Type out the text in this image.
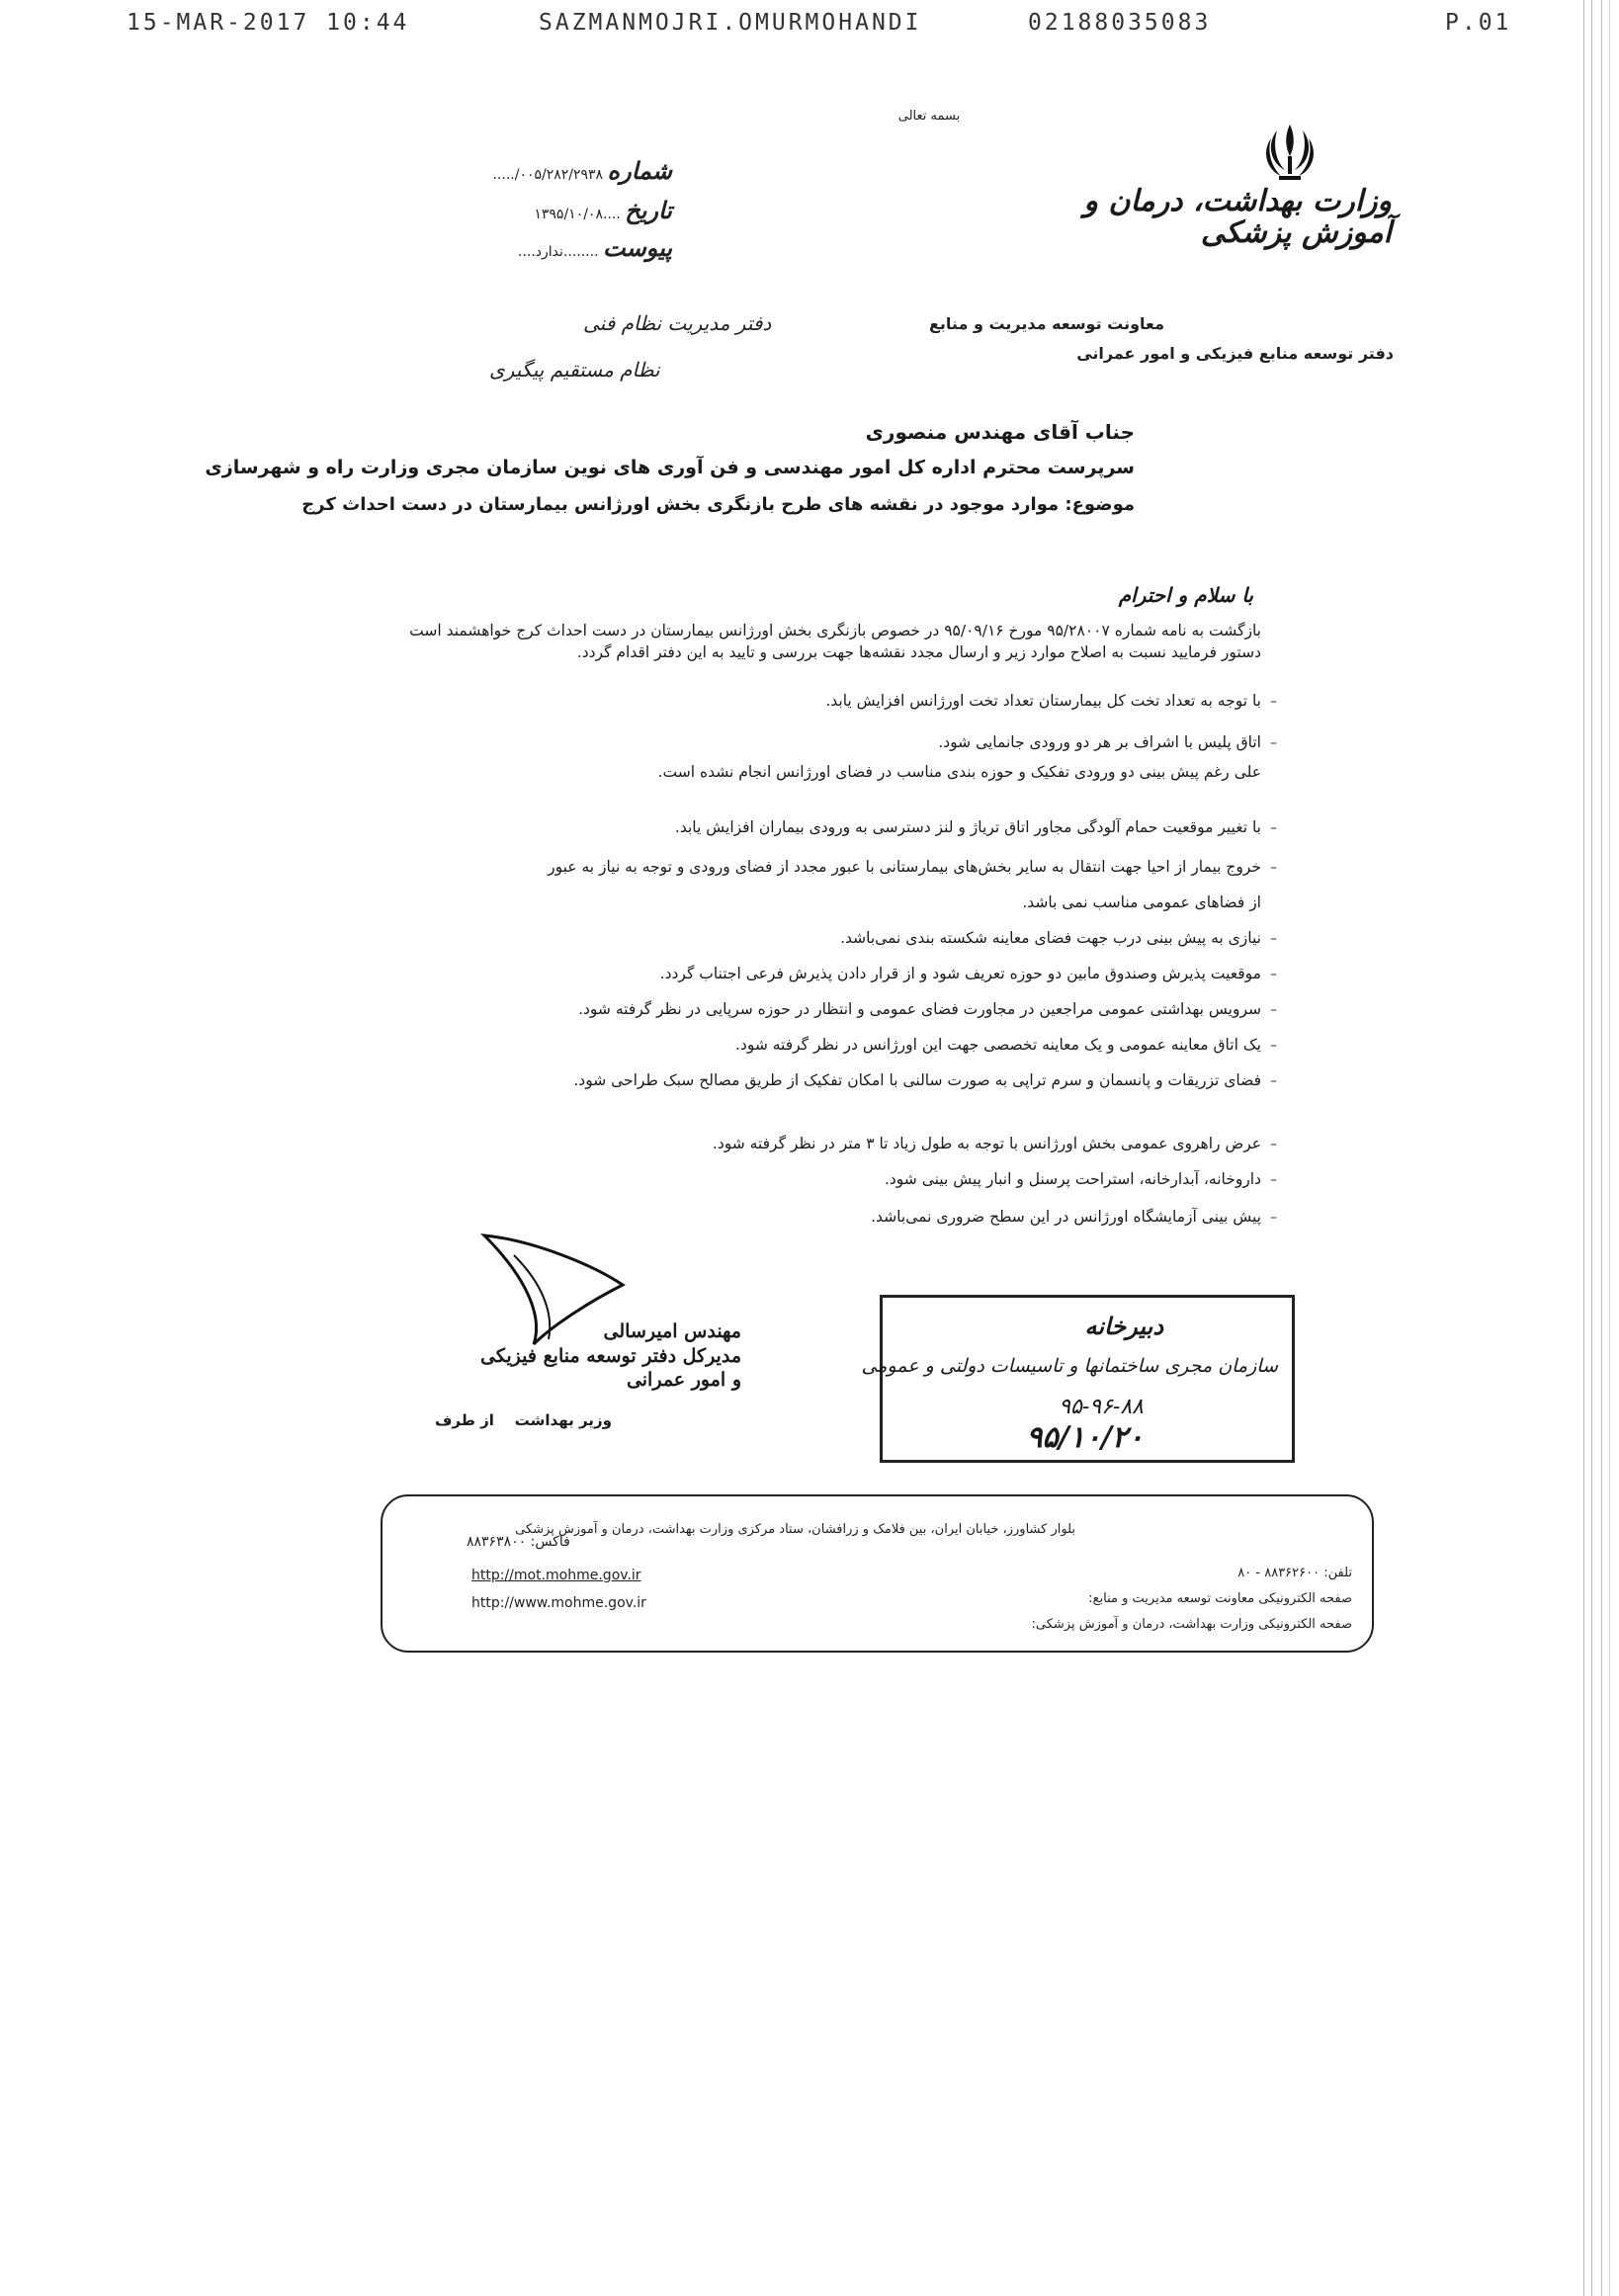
15-MAR-2017 10:44	SAZMANMOJRI.OMURMOHANDI	02188035083	P.01
بسمه تعالی
وزارت بهداشت، درمان و آموزش پزشکی
معاونت توسعه مدیریت و منابع
دفتر توسعه منابع فیزیکی و امور عمرانی
شماره ۰۰۵/۲۸۲/۲۹۳۸/.....
تاریخ ....۱۳۹۵/۱۰/۰۸
پیوست ........ندارد....
دفتر مدیریت نظام فنی
نظام مستقیم پیگیری
جناب آقای مهندس منصوری
سرپرست محترم اداره کل امور مهندسی و فن آوری های نوین سازمان مجری وزارت راه و شهرسازی
موضوع: موارد موجود در نقشه های طرح بازنگری بخش اورژانس بیمارستان در دست احداث کرج
با سلام و احترام
بازگشت به نامه شماره ۹۵/۲۸۰۰۷ مورخ ۹۵/۰۹/۱۶ در خصوص بازنگری بخش اورژانس بیمارستان در دست احداث کرج خواهشمند است دستور فرمایید نسبت به اصلاح موارد زیر و ارسال مجدد نقشه‌ها جهت بررسی و تایید به این دفتر اقدام گردد.
با توجه به تعداد تخت کل بیمارستان تعداد تخت اورژانس افزایش یابد.
اتاق پلیس با اشراف بر هر دو ورودی جانمایی شود.
علی رغم پیش بینی دو ورودی تفکیک و حوزه بندی مناسب در فضای اورژانس انجام نشده است.
با تغییر موقعیت حمام آلودگی مجاور اتاق تریاژ و لنز دسترسی به ورودی بیماران افزایش یابد.
خروج بیمار از احیا جهت انتقال به سایر بخش‌های بیمارستانی با عبور مجدد از فضای ورودی و توجه به نیاز به عبور
از فضاهای عمومی مناسب نمی باشد.
نیازی به پیش بینی درب جهت فضای معاینه شکسته بندی نمی‌باشد.
موقعیت پذیرش وصندوق مابین دو حوزه تعریف شود و از قرار دادن پذیرش فرعی اجتناب گردد.
سرویس بهداشتی عمومی مراجعین در مجاورت فضای عمومی و انتظار در حوزه سرپایی در نظر گرفته شود.
یک اتاق معاینه عمومی و یک معاینه تخصصی جهت این اورژانس در نظر گرفته شود.
فضای تزریقات و پانسمان و سرم تراپی به صورت سالنی با امکان تفکیک از طریق مصالح سبک طراحی شود.
عرض راهروی عمومی بخش اورژانس با توجه به طول زیاد تا ۳ متر در نظر گرفته شود.
داروخانه، آبدارخانه، استراحت پرسنل و انبار پیش بینی شود.
پیش بینی آزمایشگاه اورژانس در این سطح ضروری نمی‌باشد.
–
–
–
–
–
–
–
–
–
–
–
–
مهندس امیرسالی
مدیرکل دفتر توسعه منابع فیزیکی
و امور عمرانی
وزیر بهداشت    از طرف
دبیرخانه
سازمان مجری ساختمانها و تاسیسات دولتی و عمومی
۹۵-۹۶-۸۸
۹۵/۱۰/۲۰
بلوار کشاورز، خیابان ایران، بین فلامک و زرافشان، ستاد مرکزی وزارت بهداشت، درمان و آموزش پزشکی
تلفن: ۸۸۳۶۲۶۰۰ - ۸۰
صفحه الکترونیکی معاونت توسعه مدیریت و منابع:
صفحه الکترونیکی وزارت بهداشت، درمان و آموزش پزشکی:
فاکس: ۸۸۳۶۳۸۰۰
http://mot.mohme.gov.ir
http://www.mohme.gov.ir
